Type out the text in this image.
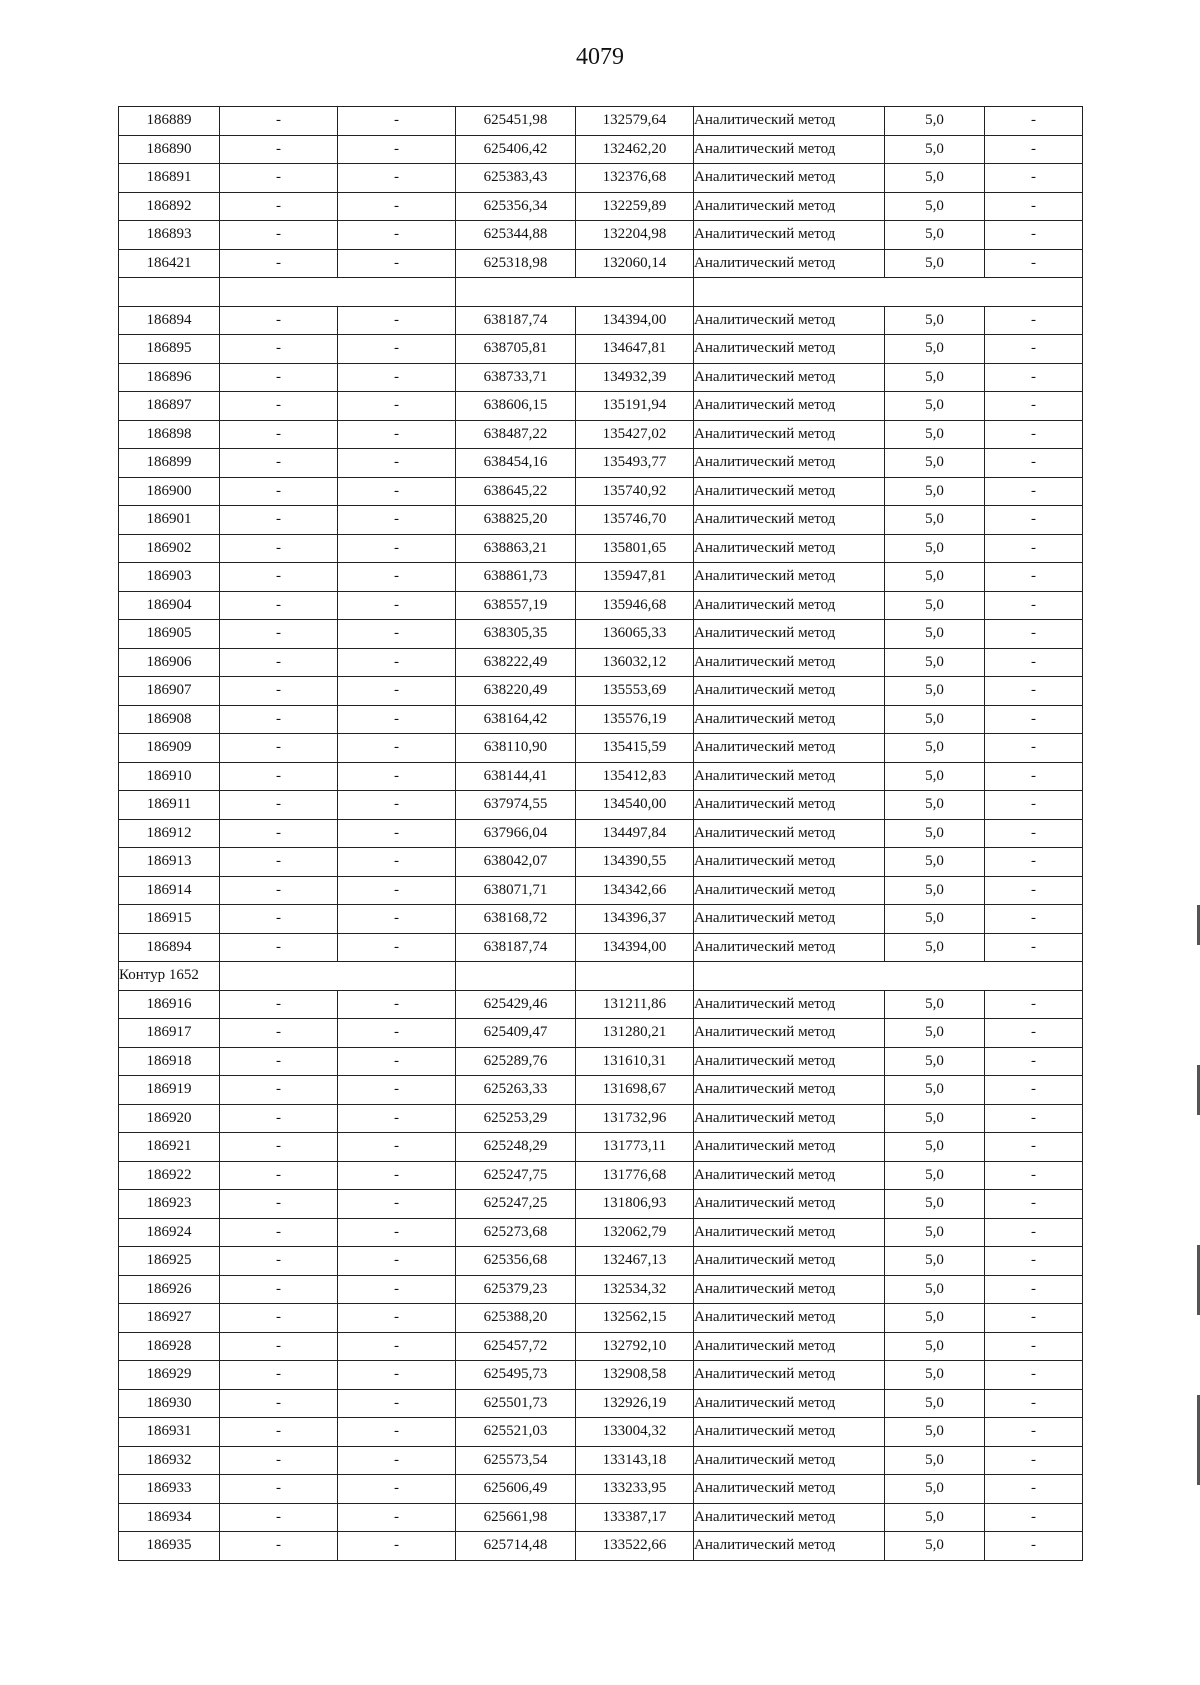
4079
186889	-	-	625451,98	132579,64	Аналитический метод	5,0	-
186890	-	-	625406,42	132462,20	Аналитический метод	5,0	-
186891	-	-	625383,43	132376,68	Аналитический метод	5,0	-
186892	-	-	625356,34	132259,89	Аналитический метод	5,0	-
186893	-	-	625344,88	132204,98	Аналитический метод	5,0	-
186421	-	-	625318,98	132060,14	Аналитический метод	5,0	-

186894	-	-	638187,74	134394,00	Аналитический метод	5,0	-
186895	-	-	638705,81	134647,81	Аналитический метод	5,0	-
186896	-	-	638733,71	134932,39	Аналитический метод	5,0	-
186897	-	-	638606,15	135191,94	Аналитический метод	5,0	-
186898	-	-	638487,22	135427,02	Аналитический метод	5,0	-
186899	-	-	638454,16	135493,77	Аналитический метод	5,0	-
186900	-	-	638645,22	135740,92	Аналитический метод	5,0	-
186901	-	-	638825,20	135746,70	Аналитический метод	5,0	-
186902	-	-	638863,21	135801,65	Аналитический метод	5,0	-
186903	-	-	638861,73	135947,81	Аналитический метод	5,0	-
186904	-	-	638557,19	135946,68	Аналитический метод	5,0	-
186905	-	-	638305,35	136065,33	Аналитический метод	5,0	-
186906	-	-	638222,49	136032,12	Аналитический метод	5,0	-
186907	-	-	638220,49	135553,69	Аналитический метод	5,0	-
186908	-	-	638164,42	135576,19	Аналитический метод	5,0	-
186909	-	-	638110,90	135415,59	Аналитический метод	5,0	-
186910	-	-	638144,41	135412,83	Аналитический метод	5,0	-
186911	-	-	637974,55	134540,00	Аналитический метод	5,0	-
186912	-	-	637966,04	134497,84	Аналитический метод	5,0	-
186913	-	-	638042,07	134390,55	Аналитический метод	5,0	-
186914	-	-	638071,71	134342,66	Аналитический метод	5,0	-
186915	-	-	638168,72	134396,37	Аналитический метод	5,0	-
186894	-	-	638187,74	134394,00	Аналитический метод	5,0	-
Контур 1652							
186916	-	-	625429,46	131211,86	Аналитический метод	5,0	-
186917	-	-	625409,47	131280,21	Аналитический метод	5,0	-
186918	-	-	625289,76	131610,31	Аналитический метод	5,0	-
186919	-	-	625263,33	131698,67	Аналитический метод	5,0	-
186920	-	-	625253,29	131732,96	Аналитический метод	5,0	-
186921	-	-	625248,29	131773,11	Аналитический метод	5,0	-
186922	-	-	625247,75	131776,68	Аналитический метод	5,0	-
186923	-	-	625247,25	131806,93	Аналитический метод	5,0	-
186924	-	-	625273,68	132062,79	Аналитический метод	5,0	-
186925	-	-	625356,68	132467,13	Аналитический метод	5,0	-
186926	-	-	625379,23	132534,32	Аналитический метод	5,0	-
186927	-	-	625388,20	132562,15	Аналитический метод	5,0	-
186928	-	-	625457,72	132792,10	Аналитический метод	5,0	-
186929	-	-	625495,73	132908,58	Аналитический метод	5,0	-
186930	-	-	625501,73	132926,19	Аналитический метод	5,0	-
186931	-	-	625521,03	133004,32	Аналитический метод	5,0	-
186932	-	-	625573,54	133143,18	Аналитический метод	5,0	-
186933	-	-	625606,49	133233,95	Аналитический метод	5,0	-
186934	-	-	625661,98	133387,17	Аналитический метод	5,0	-
186935	-	-	625714,48	133522,66	Аналитический метод	5,0	-
